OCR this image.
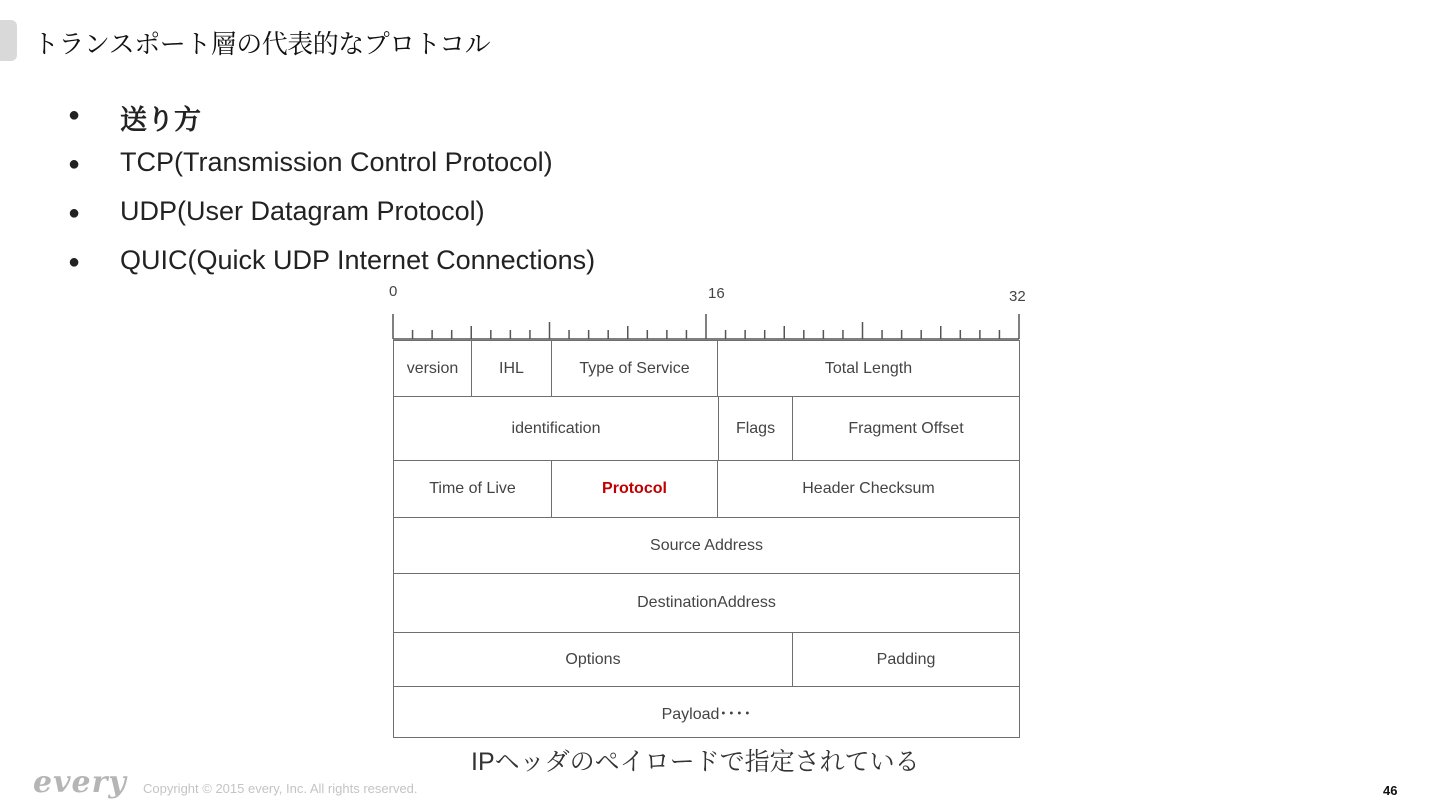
トランスポート層の代表的なプロトコル
● 送り方
● TCP(Transmission Control Protocol)
● UDP(User Datagram Protocol)
● QUIC(Quick UDP Internet Connections)
0	16	32
version	IHL	Type of Service	Total Length	
identification			Flags	Fragment Offset
Time of Live		Protocol	Header Checksum	
Source Address				
DestinationAddress				
Options				Padding
Payload････				
IPヘッダのペイロードで指定されている
every Copyright © 2015 every, Inc. All rights reserved.	46
